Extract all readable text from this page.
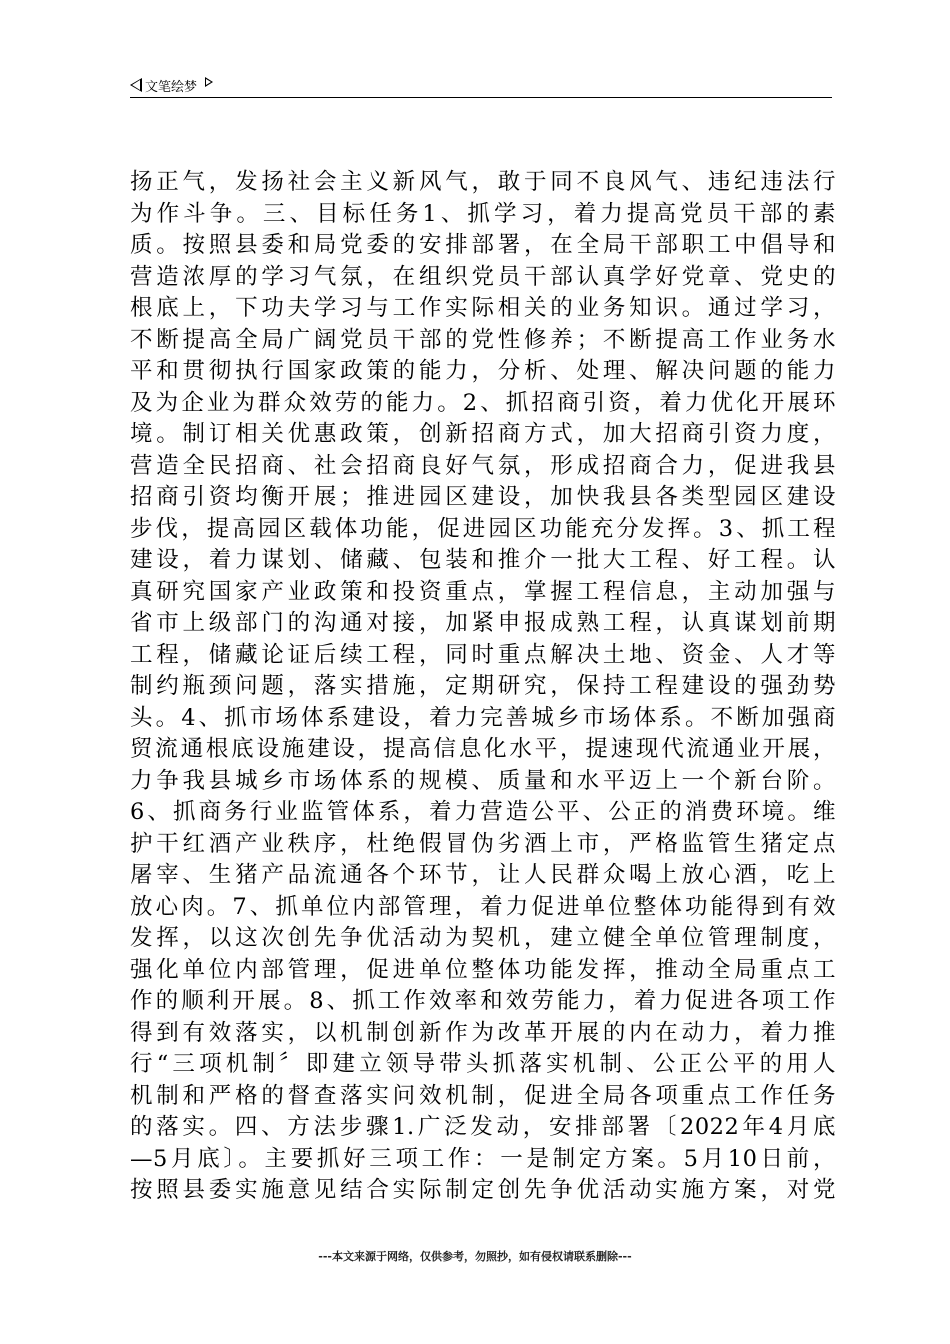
文笔绘梦
扬正气，发扬社会主义新风气，敢于同不良风气、违纪违法行
为作斗争。三、目标任务1、抓学习，着力提高党员干部的素
质。按照县委和局党委的安排部署，在全局干部职工中倡导和
营造浓厚的学习气氛，在组织党员干部认真学好党章、党史的
根底上，下功夫学习与工作实际相关的业务知识。通过学习，
不断提高全局广阔党员干部的党性修养；不断提高工作业务水
平和贯彻执行国家政策的能力，分析、处理、解决问题的能力
及为企业为群众效劳的能力。2、抓招商引资，着力优化开展环
境。制订相关优惠政策，创新招商方式，加大招商引资力度，
营造全民招商、社会招商良好气氛，形成招商合力，促进我县
招商引资均衡开展；推进园区建设，加快我县各类型园区建设
步伐，提高园区载体功能，促进园区功能充分发挥。3、抓工程
建设，着力谋划、储藏、包装和推介一批大工程、好工程。认
真研究国家产业政策和投资重点，掌握工程信息，主动加强与
省市上级部门的沟通对接，加紧申报成熟工程，认真谋划前期
工程，储藏论证后续工程，同时重点解决土地、资金、人才等
制约瓶颈问题，落实措施，定期研究，保持工程建设的强劲势
头。4、抓市场体系建设，着力完善城乡市场体系。不断加强商
贸流通根底设施建设，提高信息化水平，提速现代流通业开展，
力争我县城乡市场体系的规模、质量和水平迈上一个新台阶。
6、抓商务行业监管体系，着力营造公平、公正的消费环境。维
护干红酒产业秩序，杜绝假冒伪劣酒上市，严格监管生猪定点
屠宰、生猪产品流通各个环节，让人民群众喝上放心酒，吃上
放心肉。7、抓单位内部管理，着力促进单位整体功能得到有效
发挥，以这次创先争优活动为契机，建立健全单位管理制度，
强化单位内部管理，促进单位整体功能发挥，推动全局重点工
作的顺利开展。8、抓工作效率和效劳能力，着力促进各项工作
得到有效落实，以机制创新作为改革开展的内在动力，着力推
行“三项机制〞即建立领导带头抓落实机制、公正公平的用人
机制和严格的督查落实问效机制，促进全局各项重点工作任务
的落实。四、方法步骤1.广泛发动，安排部署〔2022年4月底
—5月底〕。主要抓好三项工作：一是制定方案。5月10日前，
按照县委实施意见结合实际制定创先争优活动实施方案，对党
---本文来源于网络，仅供参考，勿照抄，如有侵权请联系删除---
